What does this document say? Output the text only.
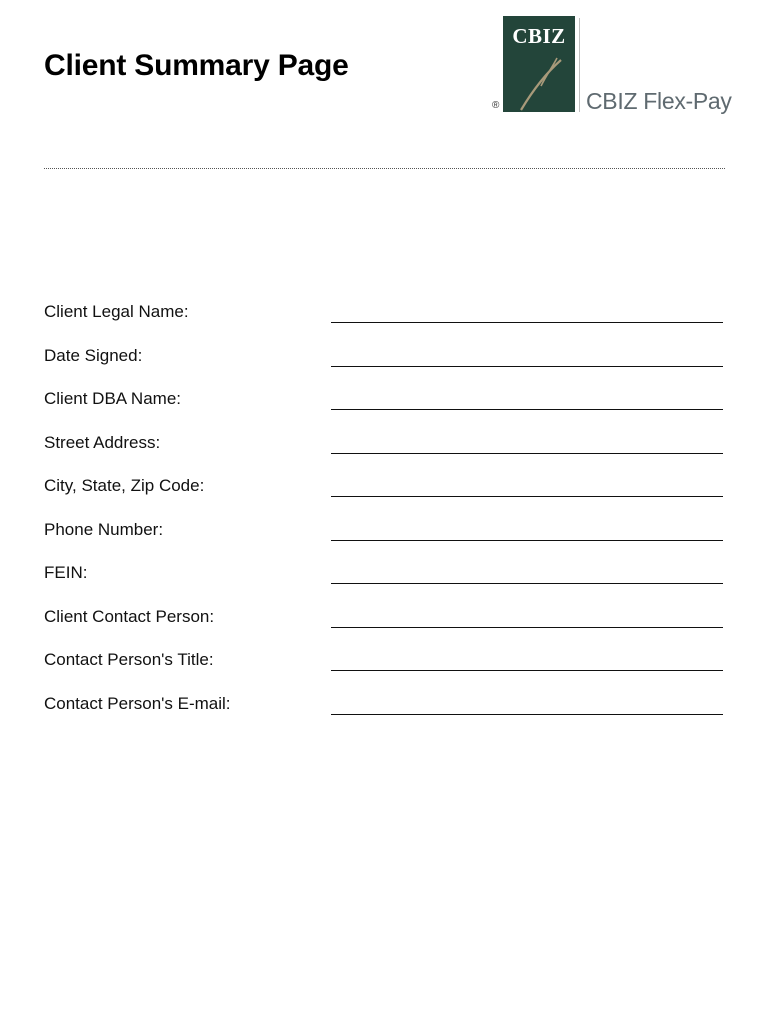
Client Summary Page
CBIZ
®	CBIZ Flex-Pay
Client Legal Name:
Date Signed:
Client DBA Name:
Street Address:
City, State, Zip Code:
Phone Number:
FEIN:
Client Contact Person:
Contact Person's Title:
Contact Person's E-mail:
